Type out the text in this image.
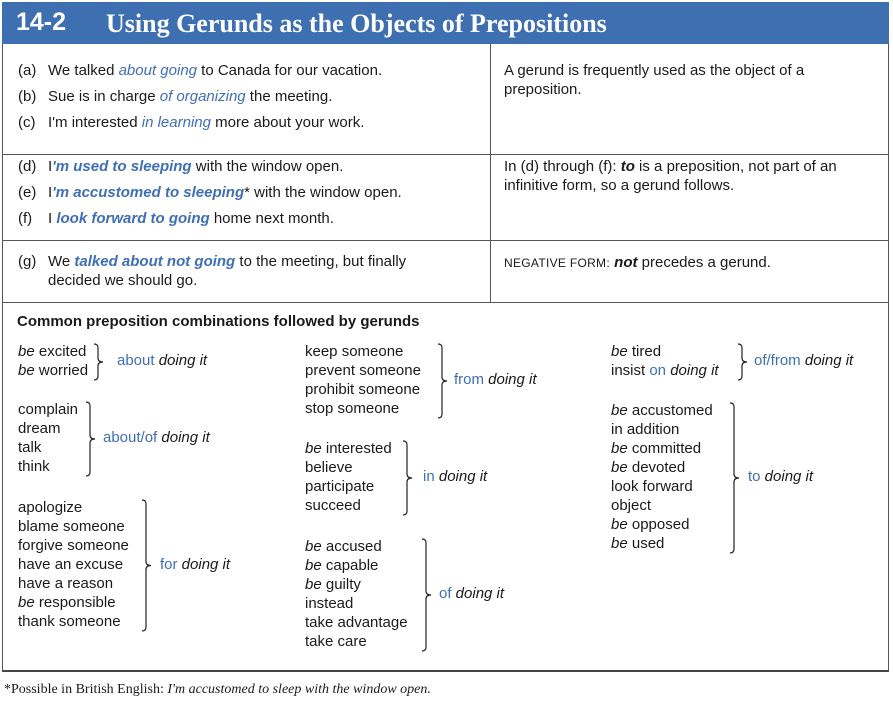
14-2 Using Gerunds as the Objects of Prepositions
(a) We talked about going to Canada for our vacation.
(b) Sue is in charge of organizing the meeting.
(c) I'm interested in learning more about your work.
(d) I'm used to sleeping with the window open.
(e) I'm accustomed to sleeping* with the window open.
(f) I look forward to going home next month.
(g) We talked about not going to the meeting, but finally
decided we should go.
A gerund is frequently used as the object of a preposition.
In (d) through (f): to is a preposition, not part of an infinitive form, so a gerund follows.
NEGATIVE FORM: not precedes a gerund.
Common preposition combinations followed by gerunds
be excited
be worried
about doing it
complain
dream
talk
think
about/of doing it
apologize
blame someone
forgive someone
have an excuse
have a reason
be responsible
thank someone
for doing it
keep someone
prevent someone
prohibit someone
stop someone
from doing it
be interested
believe
participate
succeed
in doing it
be accused
be capable
be guilty
instead
take advantage
take care
of doing it
be tired
insist on doing it
of/from doing it
be accustomed
in addition
be committed
be devoted
look forward
object
be opposed
be used
to doing it
*Possible in British English: I'm accustomed to sleep with the window open.
